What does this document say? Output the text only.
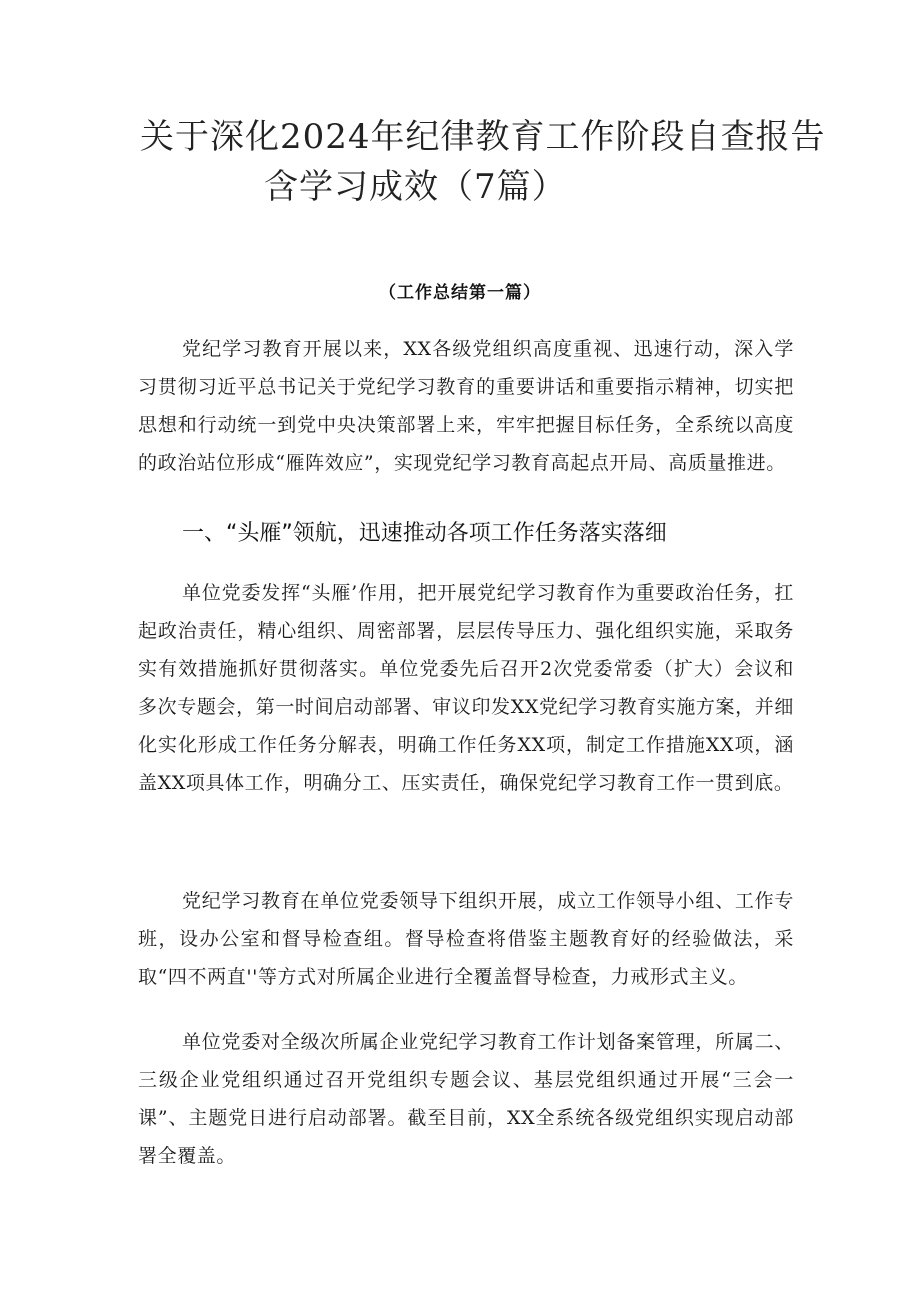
关于深化2024年纪律教育工作阶段自查报告
含学习成效（7篇）

（工作总结第一篇）

党纪学习教育开展以来，XX各级党组织高度重视、迅速行动，深入学习贯彻习近平总书记关于党纪学习教育的重要讲话和重要指示精神，切实把思想和行动统一到党中央决策部署上来，牢牢把握目标任务，全系统以高度的政治站位形成“雁阵效应”，实现党纪学习教育高起点开局、高质量推进。

一、“头雁”领航，迅速推动各项工作任务落实落细

单位党委发挥“头雁’作用，把开展党纪学习教育作为重要政治任务，扛起政治责任，精心组织、周密部署，层层传导压力、强化组织实施，采取务实有效措施抓好贯彻落实。单位党委先后召开2次党委常委（扩大）会议和多次专题会，第一时间启动部署、审议印发XX党纪学习教育实施方案，并细化实化形成工作任务分解表，明确工作任务XX项，制定工作措施XX项，涵盖XX项具体工作，明确分工、压实责任，确保党纪学习教育工作一贯到底。

党纪学习教育在单位党委领导下组织开展，成立工作领导小组、工作专班，设办公室和督导检查组。督导检查将借鉴主题教育好的经验做法，采取“四不两直''等方式对所属企业进行全覆盖督导检查，力戒形式主义。

单位党委对全级次所属企业党纪学习教育工作计划备案管理，所属二、三级企业党组织通过召开党组织专题会议、基层党组织通过开展“三会一课”、主题党日进行启动部署。截至目前，XX全系统各级党组织实现启动部署全覆盖。
